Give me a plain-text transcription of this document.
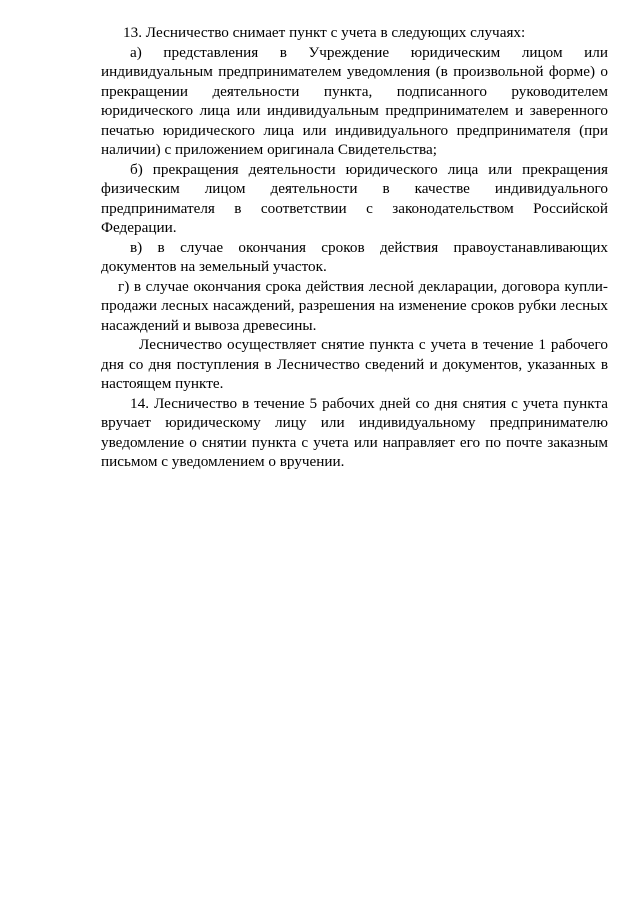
13. Лесничество снимает пункт с учета в следующих случаях:

а) представления в Учреждение юридическим лицом или индивидуальным предпринимателем уведомления (в произвольной форме) о прекращении деятельности пункта, подписанного руководителем юридического лица или индивидуальным предпринимателем и заверенного печатью юридического лица или индивидуального предпринимателя (при наличии) с приложением оригинала Свидетельства;

б) прекращения деятельности юридического лица или прекращения физическим лицом деятельности в качестве индивидуального предпринимателя в соответствии с законодательством Российской Федерации.

в) в случае окончания сроков действия правоустанавливающих документов на земельный участок.

г) в случае окончания срока действия лесной декларации, договора купли-продажи лесных насаждений, разрешения на изменение сроков рубки лесных насаждений и вывоза древесины.

Лесничество осуществляет снятие пункта с учета в течение 1 рабочего дня со дня поступления в Лесничество сведений и документов, указанных в настоящем пункте.

14. Лесничество в течение 5 рабочих дней со дня снятия с учета пункта вручает юридическому лицу или индивидуальному предпринимателю уведомление о снятии пункта с учета или направляет его по почте заказным письмом с уведомлением о вручении.
